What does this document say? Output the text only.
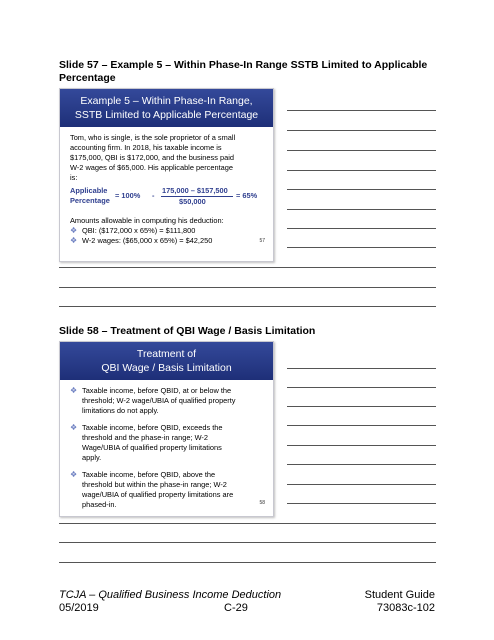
Slide 57 – Example 5 – Within Phase-In Range SSTB Limited to Applicable
Percentage
Example 5 – Within Phase-In Range,
SSTB Limited to Applicable Percentage
Tom, who is single, is the sole proprietor of a small
accounting firm. In 2018, his taxable income is
$175,000, QBI is $172,000, and the business paid
W-2 wages of $65,000. His applicable percentage
is:
Applicable
Percentage
= 100% -
175,000 – $157,500
$50,000
= 65%
Amounts allowable in computing his deduction:
❖ QBI: ($172,000 x 65%) = $111,800
❖ W-2 wages: ($65,000 x 65%) = $42,250	57
Slide 58 – Treatment of QBI Wage / Basis Limitation
Treatment of
QBI Wage / Basis Limitation
❖ Taxable income, before QBID, at or below the
threshold; W-2 wage/UBIA of qualified property
limitations do not apply.
❖ Taxable income, before QBID, exceeds the
threshold and the phase-in range; W-2
Wage/UBIA of qualified property limitations
apply.
❖ Taxable income, before QBID, above the
threshold but within the phase-in range; W-2
wage/UBIA of qualified property limitations are
phased-in.	58
TCJA – Qualified Business Income Deduction	Student Guide
05/2019	C-29	73083c-102
